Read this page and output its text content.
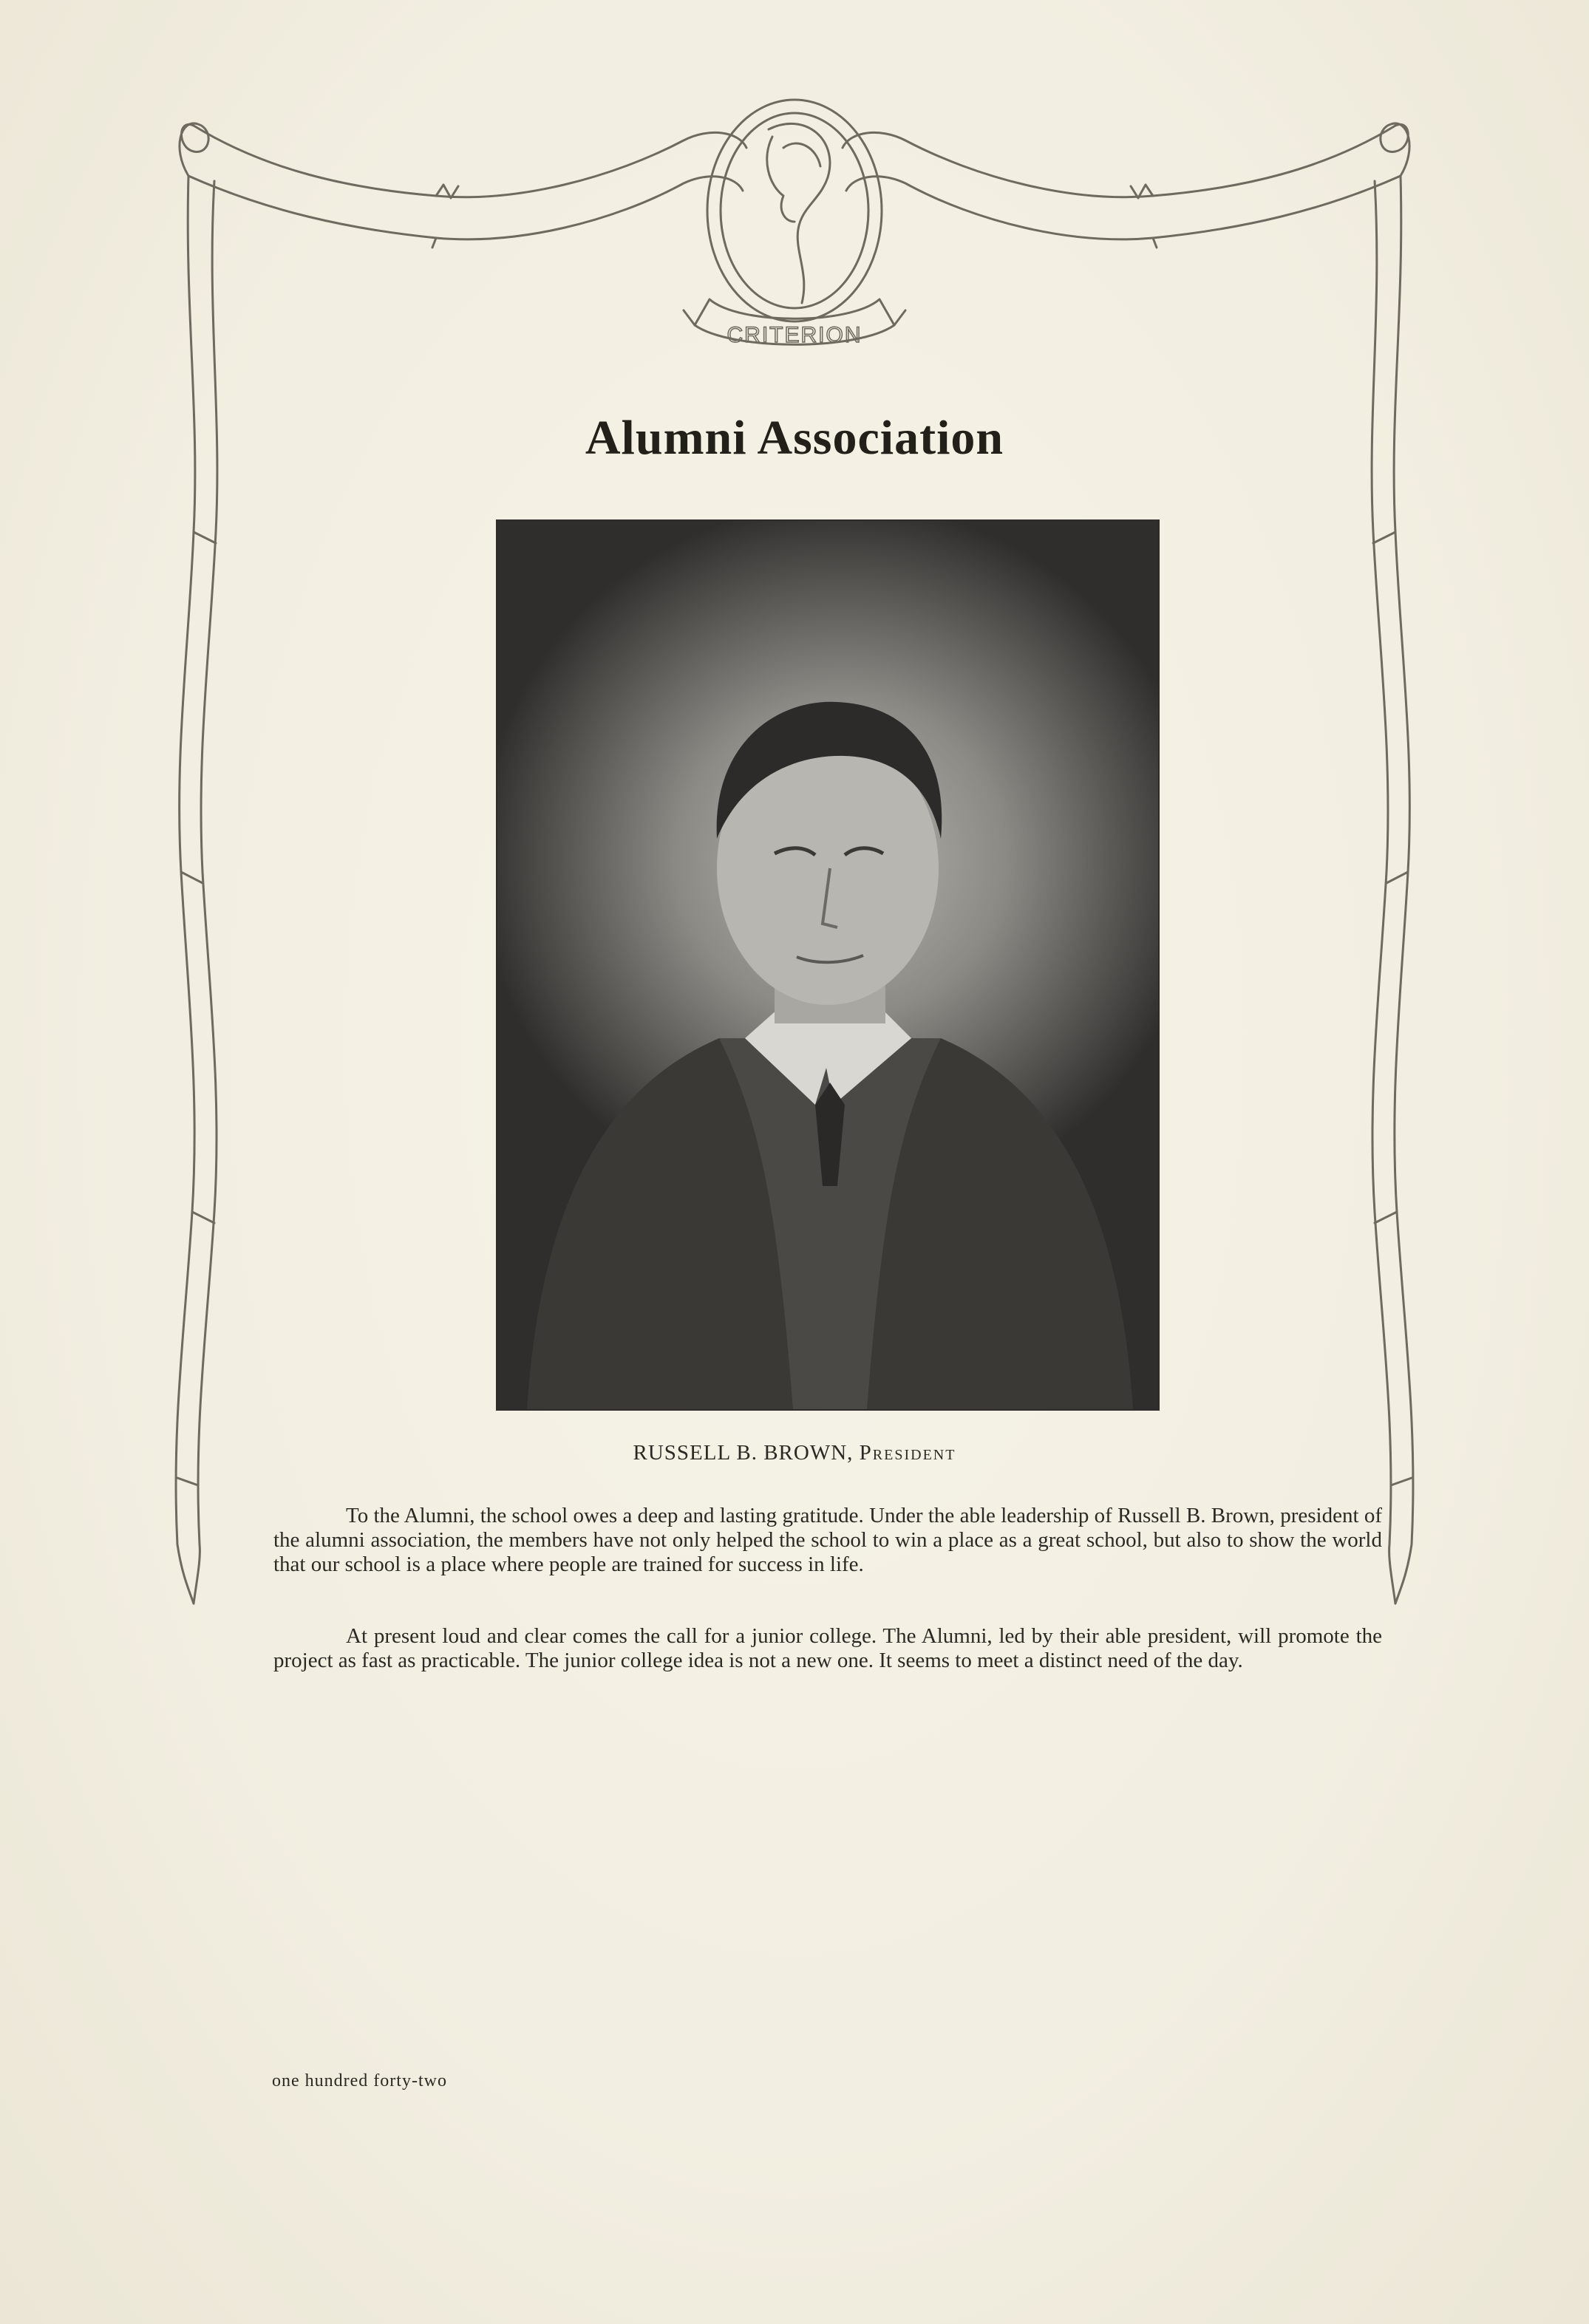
CRITERION
Alumni Association
RUSSELL B. BROWN, President

To the Alumni, the school owes a deep and lasting gratitude. Under the able leadership of Russell B. Brown, president of the alumni association, the members have not only helped the school to win a place as a great school, but also to show the world that our school is a place where people are trained for success in life.

At present loud and clear comes the call for a junior college. The Alumni, led by their able president, will promote the project as fast as practicable. The junior college idea is not a new one. It seems to meet a distinct need of the day.

one hundred forty-two
